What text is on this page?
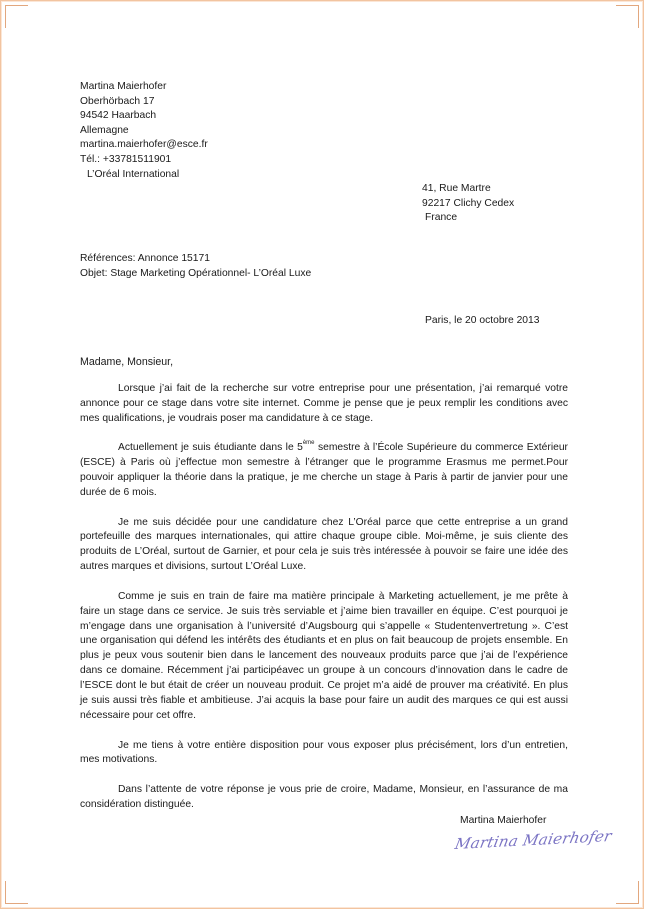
Martina Maierhofer
Oberhörbach 17
94542 Haarbach
Allemagne
martina.maierhofer@esce.fr
Tél.: +33781511901
L’Oréal International
41, Rue Martre
92217 Clichy Cedex
France
Références: Annonce 15171
Objet: Stage Marketing Opérationnel- L’Oréal Luxe
Paris, le 20 octobre 2013
Madame, Monsieur,

Lorsque j’ai fait de la recherche sur votre entreprise pour une présentation, j’ai remarqué votre annonce pour ce stage dans votre site internet. Comme je pense que je peux remplir les conditions avec mes qualifications, je voudrais poser ma candidature à ce stage.

Actuellement je suis étudiante dans le 5ème semestre à l’École Supérieure du commerce Extérieur (ESCE) à Paris où j’effectue mon semestre à l’étranger que le programme Erasmus me permet.Pour pouvoir appliquer la théorie dans la pratique, je me cherche un stage à Paris à partir de janvier pour une durée de 6 mois.

Je me suis décidée pour une candidature chez L’Oréal parce que cette entreprise a un grand portefeuille des marques internationales, qui attire chaque groupe cible. Moi-même, je suis cliente des produits de L’Oréal, surtout de Garnier, et pour cela je suis très intéressée à pouvoir se faire une idée des autres marques et divisions, surtout L’Oréal Luxe.

Comme je suis en train de faire ma matière principale à Marketing actuellement, je me prête à faire un stage dans ce service. Je suis très serviable et j’aime bien travailler en équipe. C’est pourquoi je m’engage dans une organisation à l’université d’Augsbourg qui s’appelle « Studentenvertretung ». C’est une organisation qui défend les intérêts des étudiants et en plus on fait beaucoup de projets ensemble. En plus je peux vous soutenir bien dans le lancement des nouveaux produits parce que j’ai de l’expérience dans ce domaine. Récemment j’ai participéavec un groupe à un concours d’innovation dans le cadre de l’ESCE dont le but était de créer un nouveau produit. Ce projet m’a aidé de prouver ma créativité. En plus je suis aussi très fiable et ambitieuse. J’ai acquis la base pour faire un audit des marques ce qui est aussi nécessaire pour cet offre.

Je me tiens à votre entière disposition pour vous exposer plus précisément, lors d’un entretien, mes motivations.

Dans l’attente de votre réponse je vous prie de croire, Madame, Monsieur, en l’assurance de ma considération distinguée.

Martina Maierhofer
Martina Maierhofer
